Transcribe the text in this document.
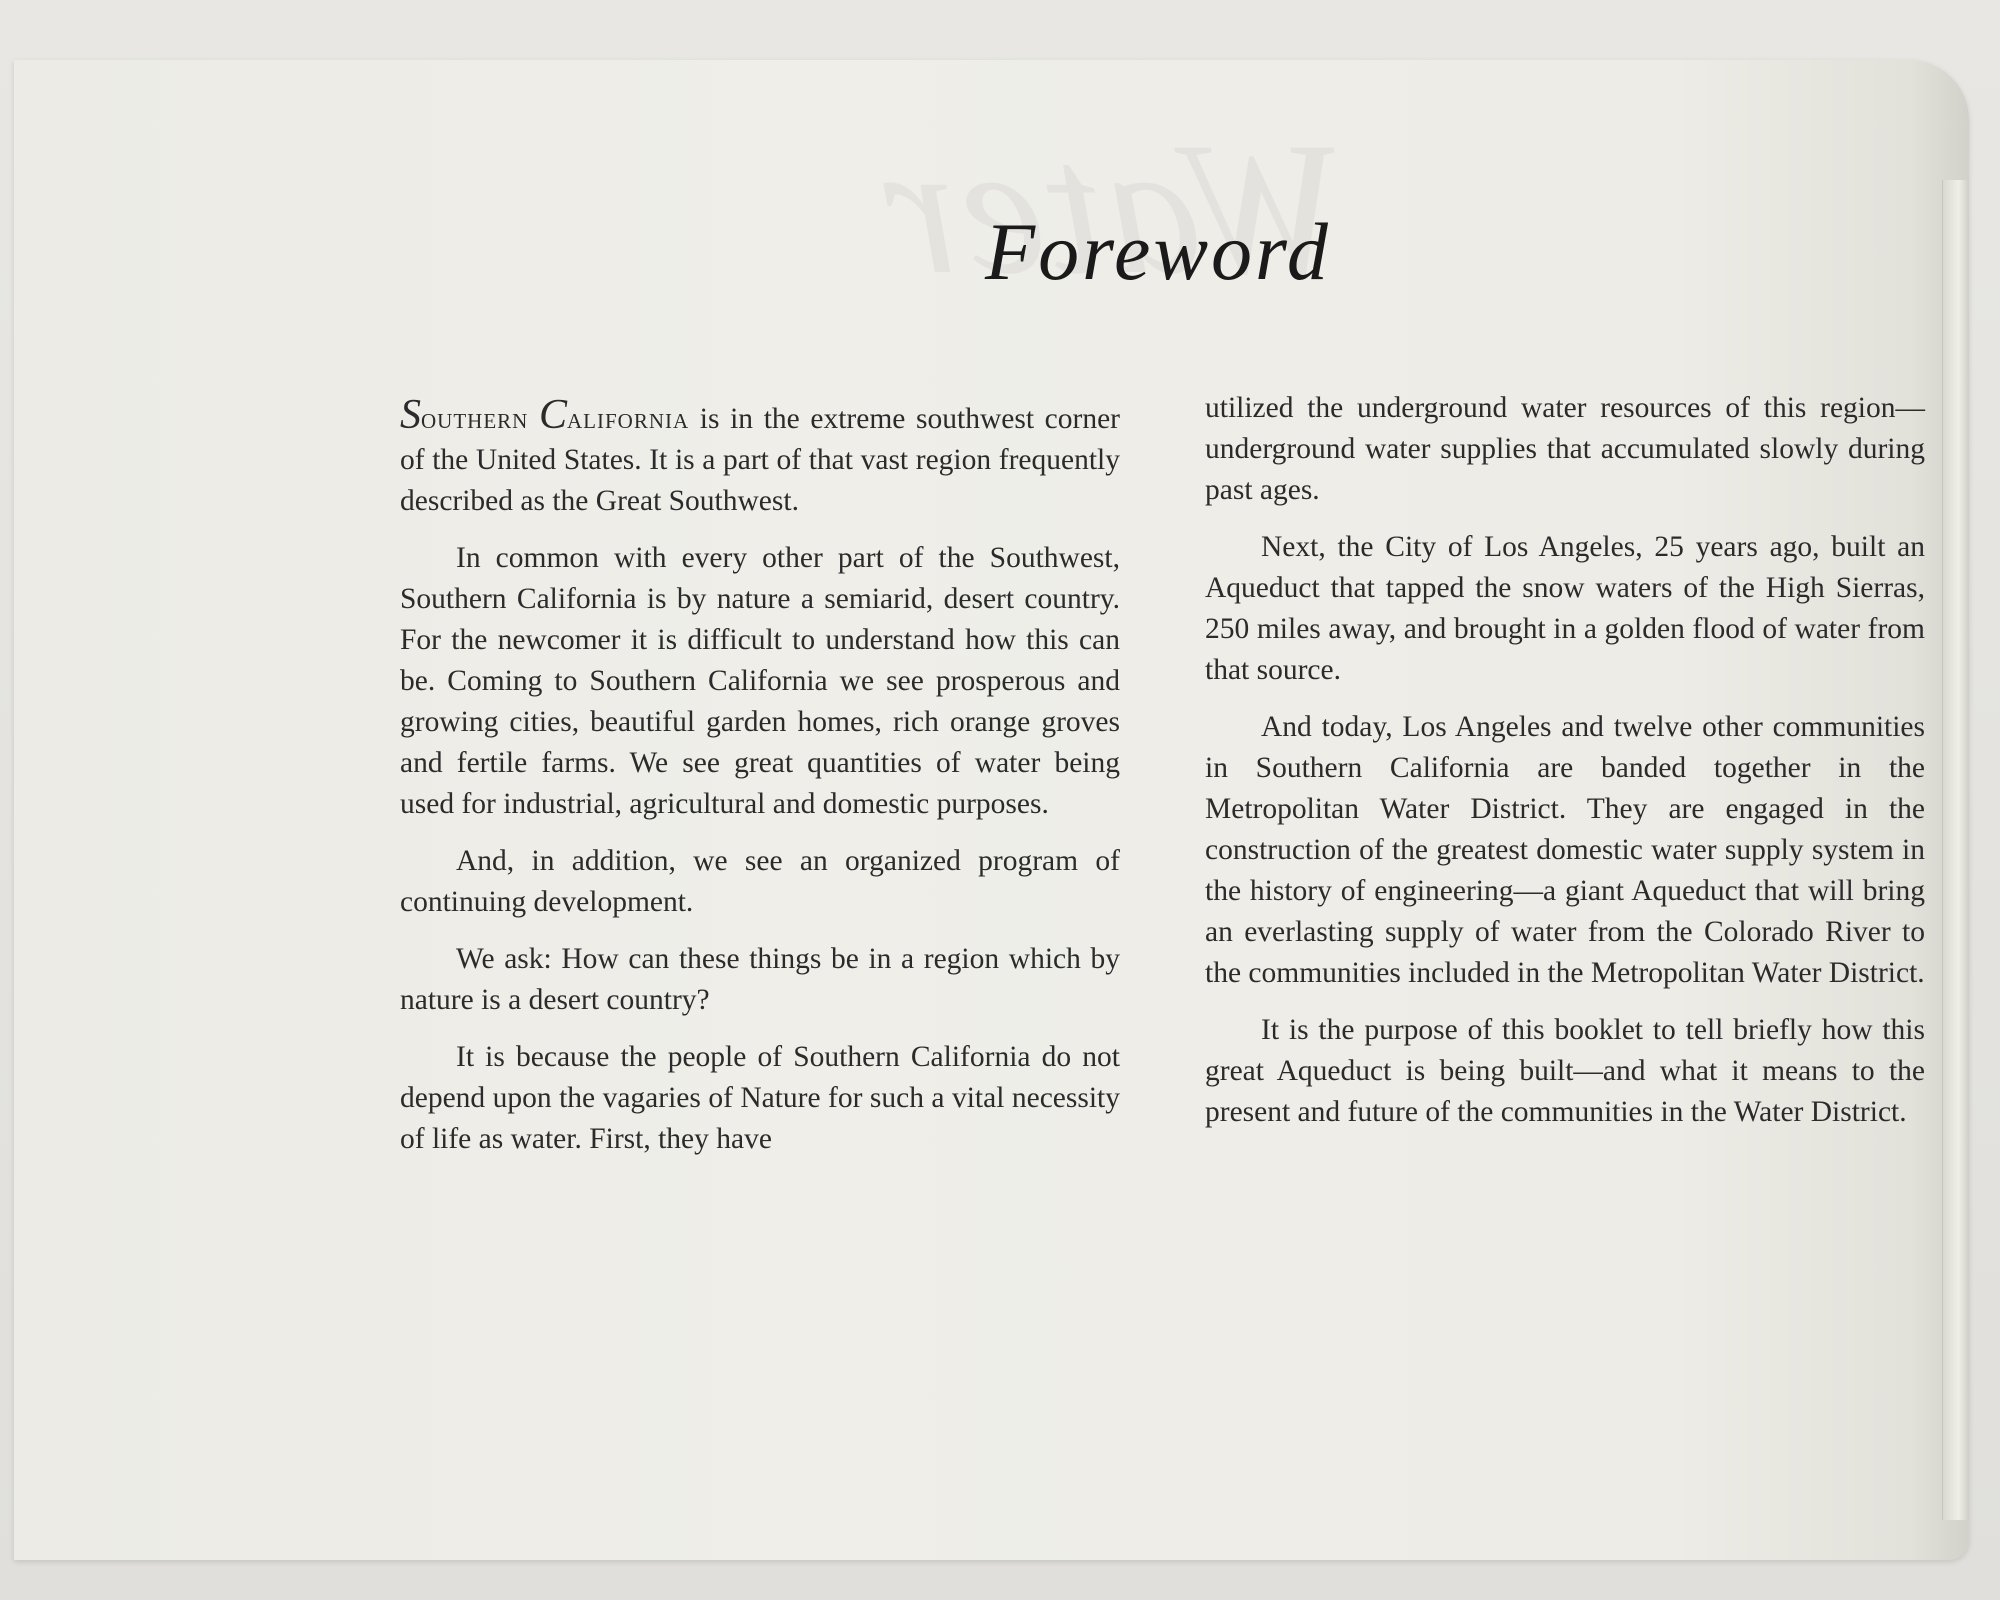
Foreword

Southern California is in the extreme southwest corner of the United States. It is a part of that vast region frequently described as the Great Southwest.

In common with every other part of the Southwest, Southern California is by nature a semiarid, desert country. For the newcomer it is difficult to understand how this can be. Coming to Southern California we see prosperous and growing cities, beautiful garden homes, rich orange groves and fertile farms. We see great quantities of water being used for industrial, agricultural and domestic purposes.

And, in addition, we see an organized program of continuing development.

We ask: How can these things be in a region which by nature is a desert country?

It is because the people of Southern California do not depend upon the vagaries of Nature for such a vital necessity of life as water. First, they have

utilized the underground water resources of this region—underground water supplies that accumulated slowly during past ages.

Next, the City of Los Angeles, 25 years ago, built an Aqueduct that tapped the snow waters of the High Sierras, 250 miles away, and brought in a golden flood of water from that source.

And today, Los Angeles and twelve other communities in Southern California are banded together in the Metropolitan Water District. They are engaged in the construction of the greatest domestic water supply system in the history of engineering—a giant Aqueduct that will bring an everlasting supply of water from the Colorado River to the communities included in the Metropolitan Water District.

It is the purpose of this booklet to tell briefly how this great Aqueduct is being built—and what it means to the present and future of the communities in the Water District.
